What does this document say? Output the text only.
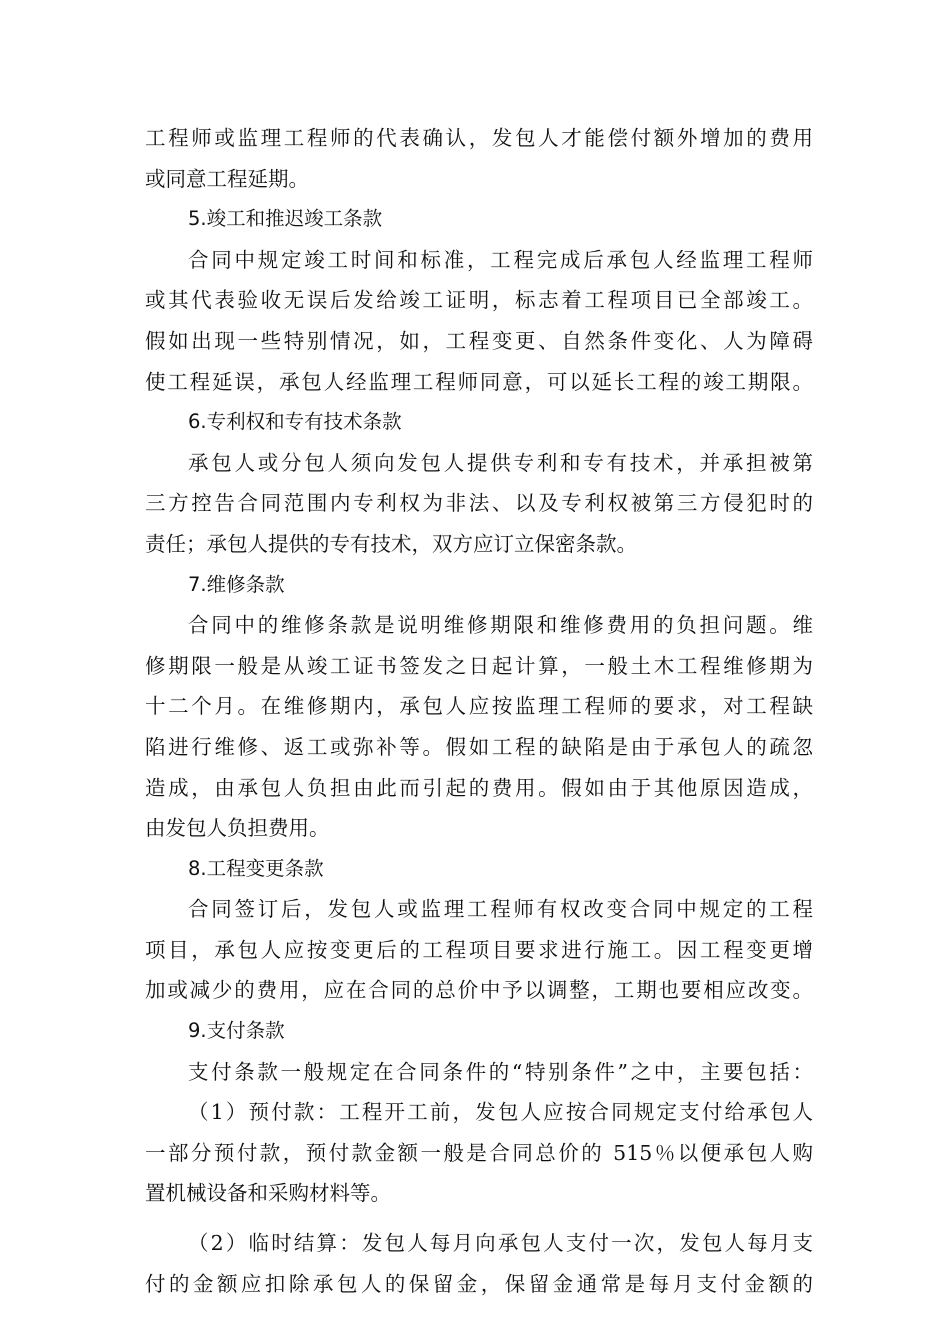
工程师或监理工程师的代表确认，发包人才能偿付额外增加的费用
或同意工程延期。
5.竣工和推迟竣工条款
合同中规定竣工时间和标准，工程完成后承包人经监理工程师
或其代表验收无误后发给竣工证明，标志着工程项目已全部竣工。
假如出现一些特别情况，如，工程变更、自然条件变化、人为障碍
使工程延误，承包人经监理工程师同意，可以延长工程的竣工期限。
6.专利权和专有技术条款
承包人或分包人须向发包人提供专利和专有技术，并承担被第
三方控告合同范围内专利权为非法、以及专利权被第三方侵犯时的
责任；承包人提供的专有技术，双方应订立保密条款。
7.维修条款
合同中的维修条款是说明维修期限和维修费用的负担问题。维
修期限一般是从竣工证书签发之日起计算，一般土木工程维修期为
十二个月。在维修期内，承包人应按监理工程师的要求，对工程缺
陷进行维修、返工或弥补等。假如工程的缺陷是由于承包人的疏忽
造成，由承包人负担由此而引起的费用。假如由于其他原因造成，
由发包人负担费用。
8.工程变更条款
合同签订后，发包人或监理工程师有权改变合同中规定的工程
项目，承包人应按变更后的工程项目要求进行施工。因工程变更增
加或减少的费用，应在合同的总价中予以调整，工期也要相应改变。
9.支付条款
支付条款一般规定在合同条件的“特别条件”之中，主要包括：
（1）预付款：工程开工前，发包人应按合同规定支付给承包人
一部分预付款，预付款金额一般是合同总价的 515％以便承包人购
置机械设备和采购材料等。
（2）临时结算：发包人每月向承包人支付一次，发包人每月支
付的金额应扣除承包人的保留金，保留金通常是每月支付金额的
